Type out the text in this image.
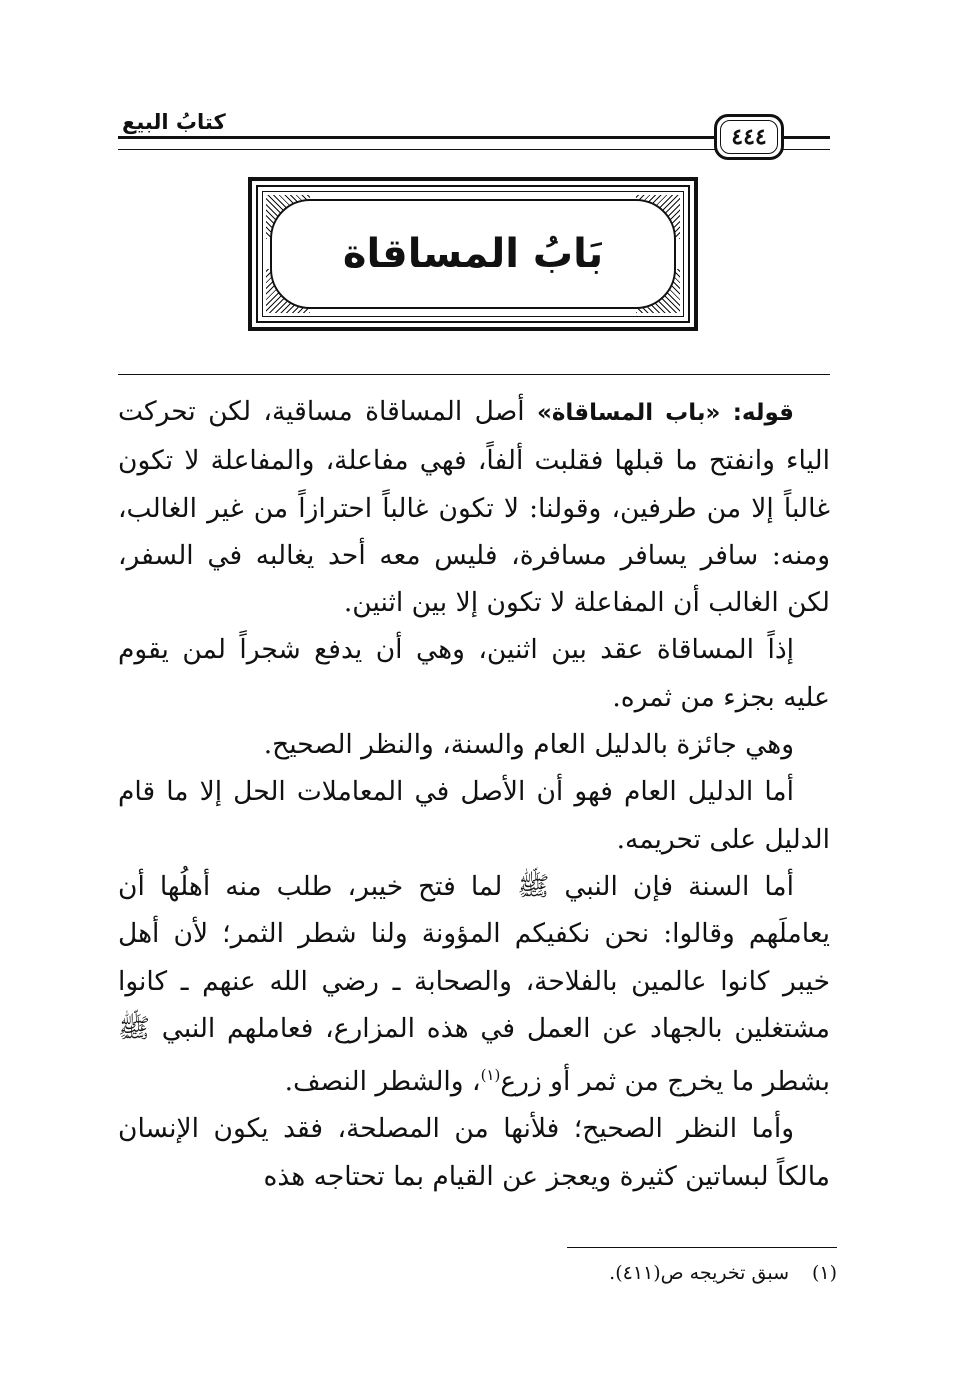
٤٤٤
كتابُ البيع
بَابُ المساقاة

قوله: «باب المساقاة» أصل المساقاة مساقية، لكن تحركت الياء وانفتح ما قبلها فقلبت ألفاً، فهي مفاعلة، والمفاعلة لا تكون غالباً إلا من طرفين، وقولنا: لا تكون غالباً احترازاً من غير الغالب، ومنه: سافر يسافر مسافرة، فليس معه أحد يغالبه في السفر، لكن الغالب أن المفاعلة لا تكون إلا بين اثنين.

إذاً المساقاة عقد بين اثنين، وهي أن يدفع شجراً لمن يقوم عليه بجزء من ثمره.

وهي جائزة بالدليل العام والسنة، والنظر الصحيح.

أما الدليل العام فهو أن الأصل في المعاملات الحل إلا ما قام الدليل على تحريمه.

أما السنة فإن النبي ﷺ لما فتح خيبر، طلب منه أهلُها أن يعاملَهم وقالوا: نحن نكفيكم المؤونة ولنا شطر الثمر؛ لأن أهل خيبر كانوا عالمين بالفلاحة، والصحابة ـ رضي الله عنهم ـ كانوا مشتغلين بالجهاد عن العمل في هذه المزارع، فعاملهم النبي ﷺ بشطر ما يخرج من ثمر أو زرع$^{(١)}$، والشطر النصف.

وأما النظر الصحيح؛ فلأنها من المصلحة، فقد يكون الإنسان مالكاً لبساتين كثيرة ويعجز عن القيام بما تحتاجه هذه

(١)سبق تخريجه ص(٤١١).
